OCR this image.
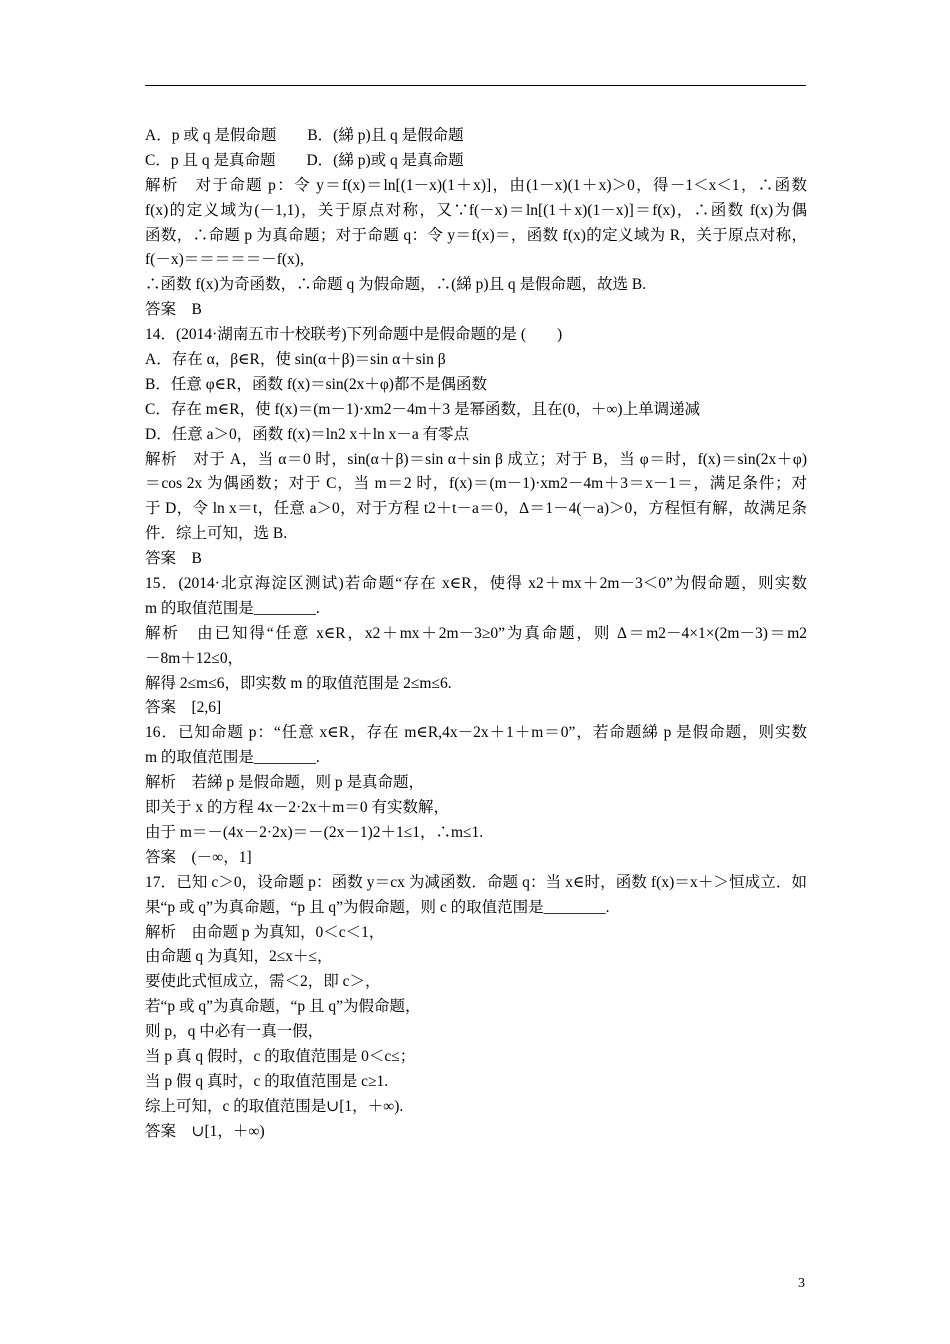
A．p 或 q 是假命题　　B．(綈 p)且 q 是假命题
C．p 且 q 是真命题　　D．(綈 p)或 q 是真命题
解析　对于命题 p：令 y＝f(x)＝ln[(1－x)(1＋x)]，由(1－x)(1＋x)＞0，得－1＜x＜1，∴函数
f(x)的定义域为(－1,1)，关于原点对称，又∵f(－x)＝ln[(1＋x)(1－x)]＝f(x)，∴函数 f(x)为偶
函数，∴命题 p 为真命题；对于命题 q：令 y＝f(x)＝，函数 f(x)的定义域为 R，关于原点对称，
f(－x)＝＝＝＝＝－f(x),
∴函数 f(x)为奇函数，∴命题 q 为假命题，∴(綈 p)且 q 是假命题，故选 B.
答案　B
14．(2014·湖南五市十校联考)下列命题中是假命题的是 (　　)
A．存在 α，β∈R，使 sin(α＋β)＝sin α＋sin β
B．任意 φ∈R，函数 f(x)＝sin(2x＋φ)都不是偶函数
C．存在 m∈R，使 f(x)＝(m－1)·xm2－4m＋3 是幂函数，且在(0，＋∞)上单调递减
D．任意 a＞0，函数 f(x)＝ln2 x＋ln x－a 有零点
解析　对于 A，当 α＝0 时，sin(α＋β)＝sin α＋sin β 成立；对于 B，当 φ＝时，f(x)＝sin(2x＋φ)
＝cos 2x 为偶函数；对于 C，当 m＝2 时，f(x)＝(m－1)·xm2－4m＋3＝x－1＝，满足条件；对
于 D，令 ln x＝t，任意 a＞0，对于方程 t2＋t－a＝0，Δ＝1－4(－a)＞0，方程恒有解，故满足条
件．综上可知，选 B.
答案　B
15．(2014·北京海淀区测试)若命题“存在 x∈R，使得 x2＋mx＋2m－3＜0”为假命题，则实数
m 的取值范围是________.
解析　由已知得“任意 x∈R，x2＋mx＋2m－3≥0”为真命题，则 Δ＝m2－4×1×(2m－3)＝m2
－8m＋12≤0，
解得 2≤m≤6，即实数 m 的取值范围是 2≤m≤6.
答案　[2,6]
16．已知命题 p：“任意 x∈R，存在 m∈R,4x－2x＋1＋m＝0”，若命题綈 p 是假命题，则实数
m 的取值范围是________.
解析　若綈 p 是假命题，则 p 是真命题，
即关于 x 的方程 4x－2·2x＋m＝0 有实数解，
由于 m＝－(4x－2·2x)＝－(2x－1)2＋1≤1，∴m≤1.
答案　(－∞，1]
17．已知 c＞0，设命题 p：函数 y＝cx 为减函数．命题 q：当 x∈时，函数 f(x)＝x＋＞恒成立．如
果“p 或 q”为真命题，“p 且 q”为假命题，则 c 的取值范围是________.
解析　由命题 p 为真知，0＜c＜1，
由命题 q 为真知，2≤x＋≤，
要使此式恒成立，需＜2，即 c＞，
若“p 或 q”为真命题，“p 且 q”为假命题，
则 p，q 中必有一真一假，
当 p 真 q 假时，c 的取值范围是 0＜c≤；
当 p 假 q 真时，c 的取值范围是 c≥1.
综上可知，c 的取值范围是∪[1，＋∞).
答案　∪[1，＋∞)
3
